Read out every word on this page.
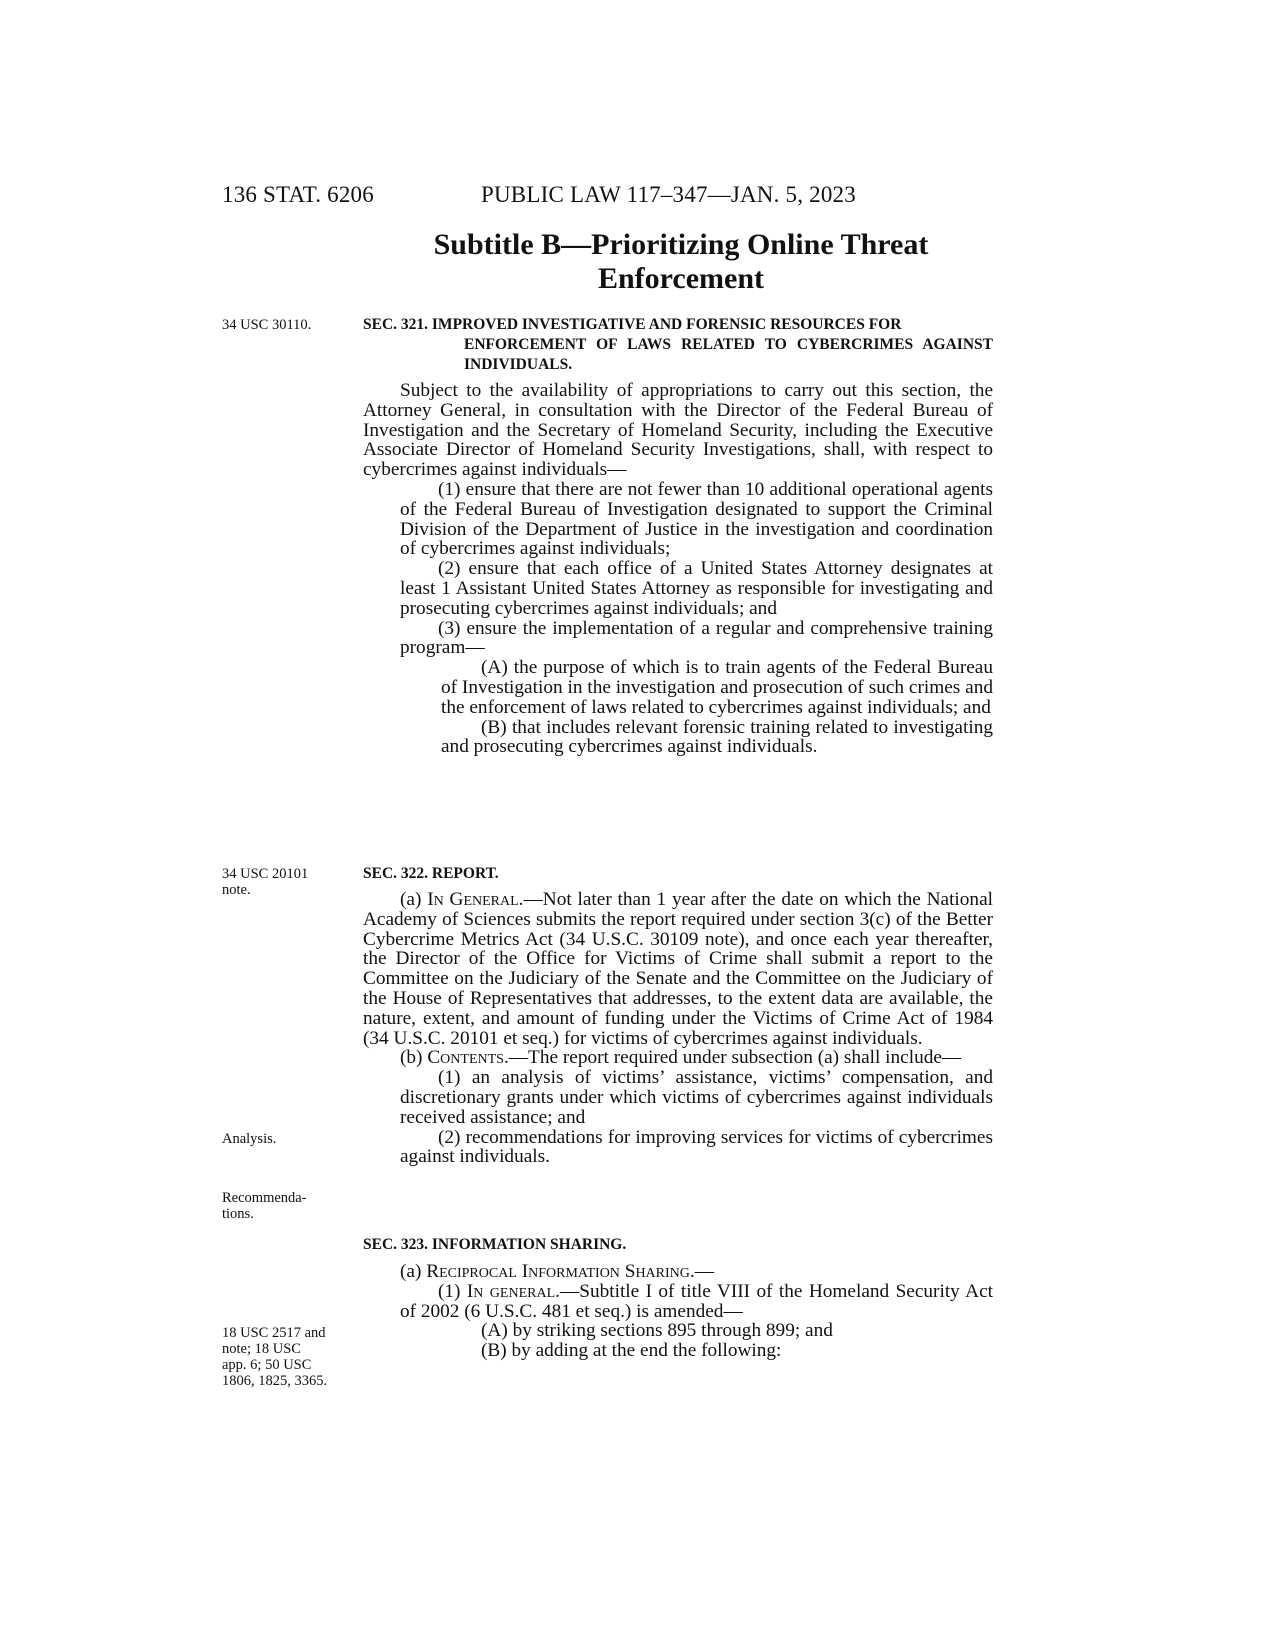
136 STAT. 6206	PUBLIC LAW 117–347—JAN. 5, 2023
Subtitle B—Prioritizing Online Threat
Enforcement
34 USC 30110.
34 USC 20101
note.
Analysis.
Recommenda-
tions.
18 USC 2517 and
note; 18 USC
app. 6; 50 USC
1806, 1825, 3365.
SEC. 321. IMPROVED INVESTIGATIVE AND FORENSIC RESOURCES FOR
ENFORCEMENT OF LAWS RELATED TO CYBERCRIMES AGAINST INDIVIDUALS.

Subject to the availability of appropriations to carry out this section, the Attorney General, in consultation with the Director of the Federal Bureau of Investigation and the Secretary of Homeland Security, including the Executive Associate Director of Homeland Security Investigations, shall, with respect to cybercrimes against individuals—

(1) ensure that there are not fewer than 10 additional operational agents of the Federal Bureau of Investigation designated to support the Criminal Division of the Department of Justice in the investigation and coordination of cybercrimes against individuals;

(2) ensure that each office of a United States Attorney designates at least 1 Assistant United States Attorney as responsible for investigating and prosecuting cybercrimes against individuals; and

(3) ensure the implementation of a regular and comprehensive training program—

(A) the purpose of which is to train agents of the Federal Bureau of Investigation in the investigation and prosecution of such crimes and the enforcement of laws related to cybercrimes against individuals; and

(B) that includes relevant forensic training related to investigating and prosecuting cybercrimes against individuals.

SEC. 322. REPORT.

(a) In General.—Not later than 1 year after the date on which the National Academy of Sciences submits the report required under section 3(c) of the Better Cybercrime Metrics Act (34 U.S.C. 30109 note), and once each year thereafter, the Director of the Office for Victims of Crime shall submit a report to the Committee on the Judiciary of the Senate and the Committee on the Judiciary of the House of Representatives that addresses, to the extent data are available, the nature, extent, and amount of funding under the Victims of Crime Act of 1984 (34 U.S.C. 20101 et seq.) for victims of cybercrimes against individuals.

(b) Contents.—The report required under subsection (a) shall include—

(1) an analysis of victims’ assistance, victims’ compensation, and discretionary grants under which victims of cybercrimes against individuals received assistance; and

(2) recommendations for improving services for victims of cybercrimes against individuals.

SEC. 323. INFORMATION SHARING.

(a) Reciprocal Information Sharing.—

(1) In general.—Subtitle I of title VIII of the Homeland Security Act of 2002 (6 U.S.C. 481 et seq.) is amended—

(A) by striking sections 895 through 899; and

(B) by adding at the end the following:
